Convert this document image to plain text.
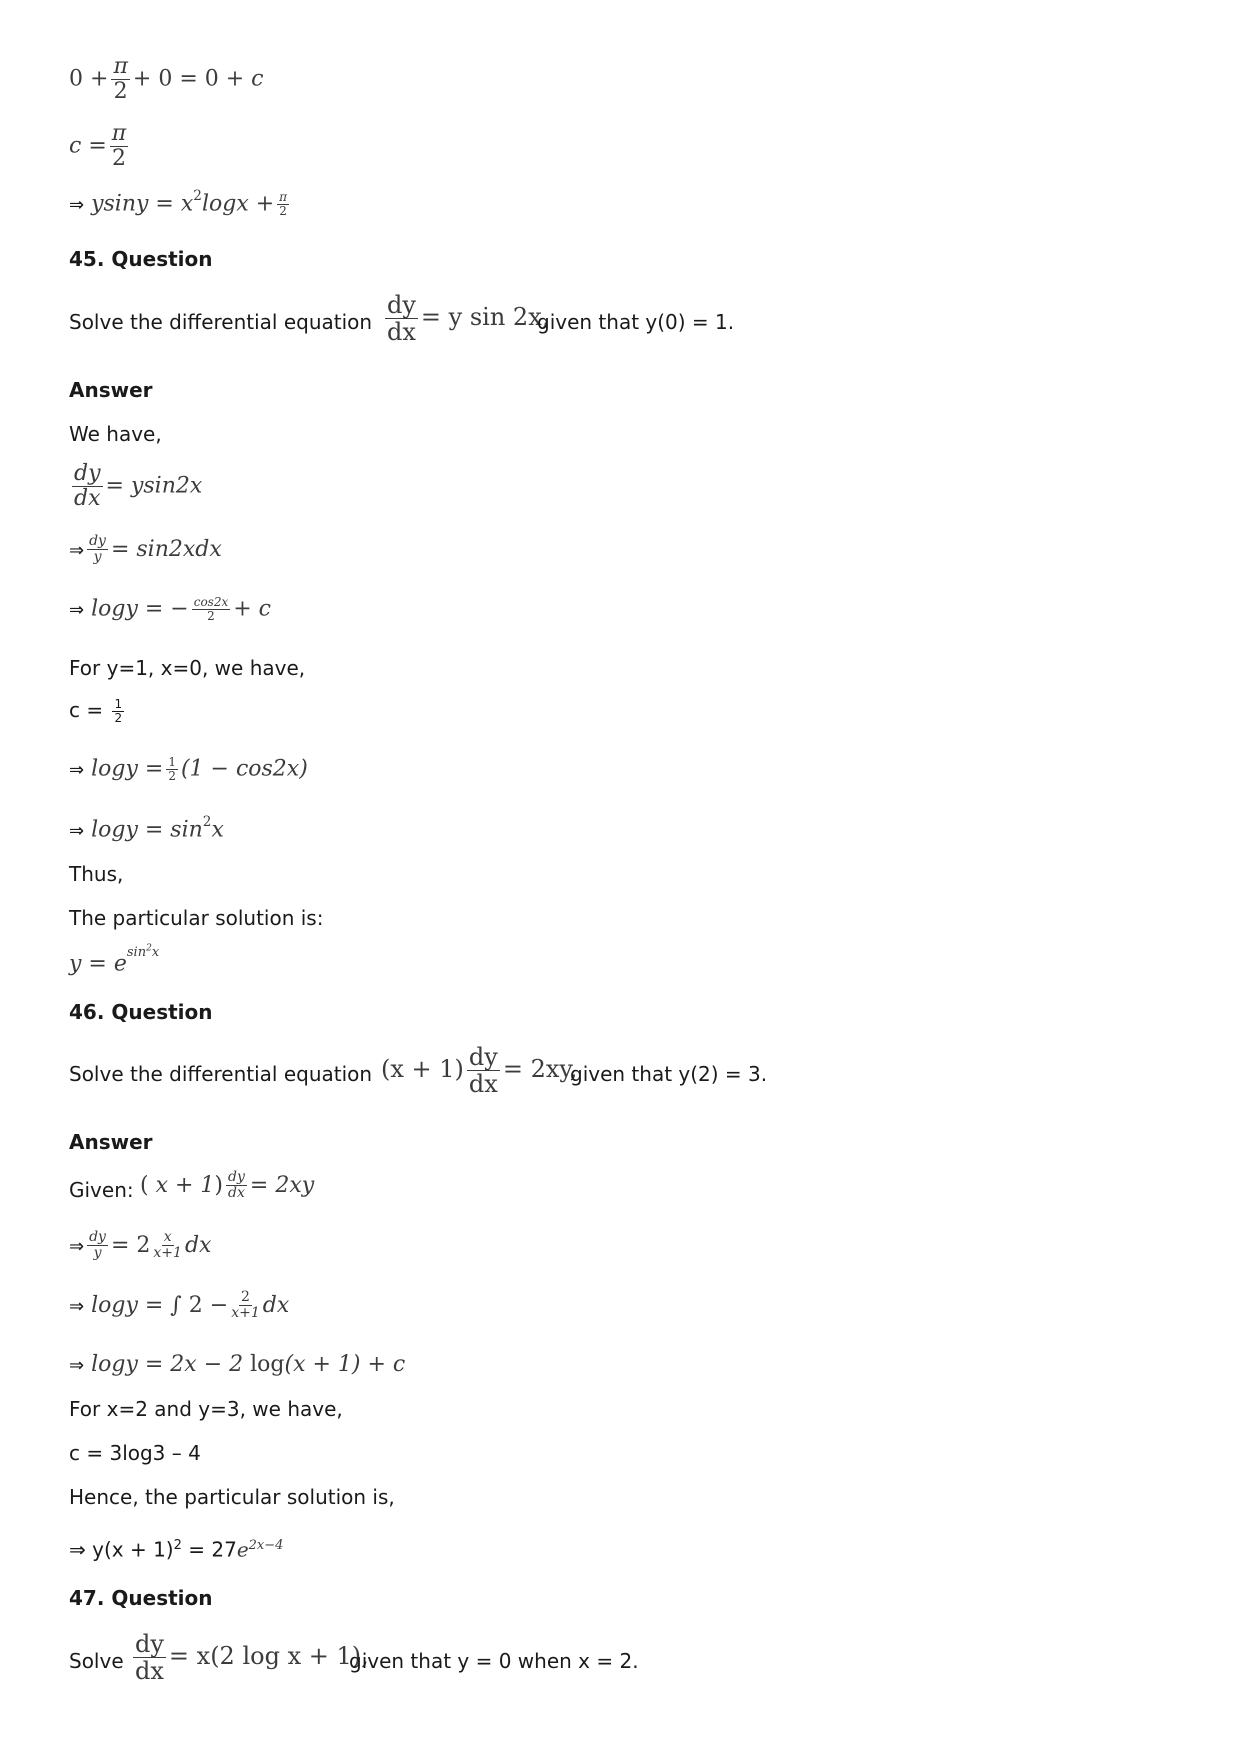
$0 + \frac{\pi}{2} + 0 = 0 + c$
$c = \frac{\pi}{2}$
⇒ $ysiny = x^2\log x + \frac{\pi}{2}$
45. Question
Solve the differential equation $\frac{dy}{dx} = y$ sin 2x,
given that y(0) = 1.
Answer
We have,
$\frac{dy}{dx} = ysin2x$
⇒ $\frac{dy}{y} = \sin 2xdx$
⇒ logy = − $\frac{\cos 2x}{2} + c$
For y=1, x=0, we have,
$c = \frac{1}{2}$
⇒ $\log y = \frac{1}{2} (1 - \cos 2x)$
⇒ $\log y = \sin^2x$
Thus,
The particular solution is:
$y = e^{sin^2x}$
46. Question
Solve the differential equation $(x + 1) \frac{dy}{dx} = 2xy$,
given that y(2) = 3.
Answer
Given: ( $x + 1) \frac{dy}{dx} = 2xy$
⇒ $\frac{dy}{y} = 2 \frac{x}{x+1}$ dx
⇒ logy = ∫ $2 - \frac{2}{x+1}$ dx
⇒ logy = 2x − 2 log(x + 1) + c
For x=2 and y=3, we have,
c = 3log3 – 4
Hence, the particular solution is,
⇒ $y(x + 1)^2 = 27e^{2x-4}$
47. Question
Solve $\frac{dy}{dx} = x(2$ log x + 1),
given that y = 0 when x = 2.
